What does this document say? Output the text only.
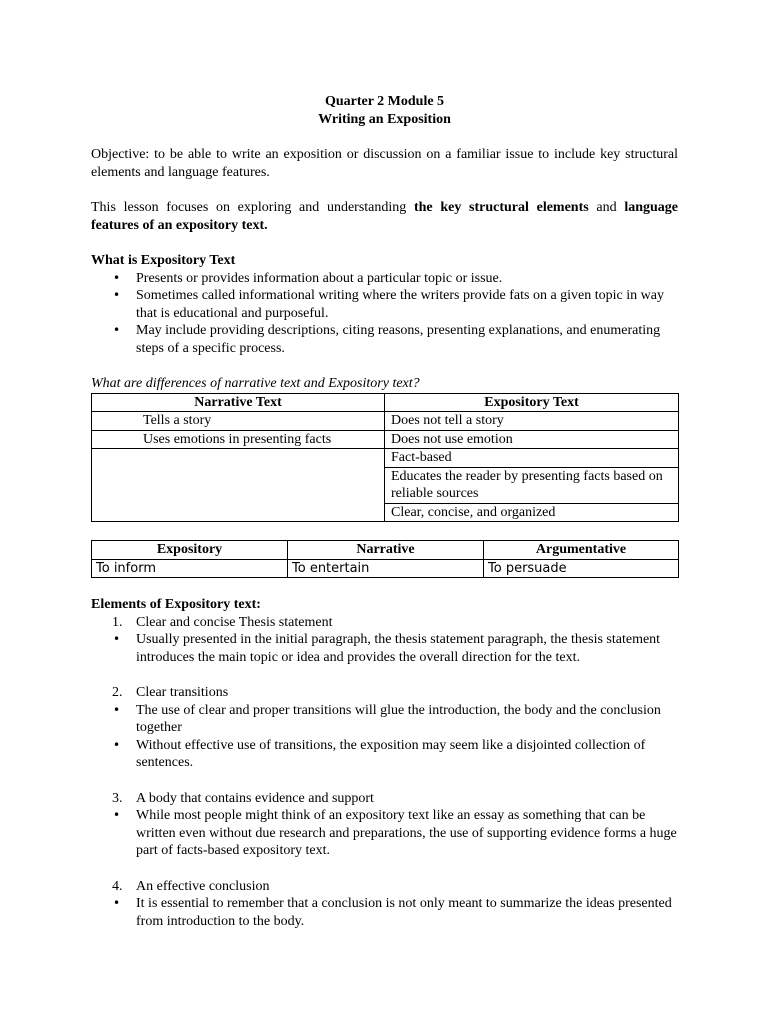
Quarter 2 Module 5

Writing an Exposition

Objective: to be able to write an exposition or discussion on a familiar issue to include key structural elements and language features.

This lesson focuses on exploring and understanding the key structural elements and language features of an expository text.

What is Expository Text
• Presents or provides information about a particular topic or issue.
• Sometimes called informational writing where the writers provide fats on a given topic in way that is educational and purposeful.
• May include providing descriptions, citing reasons, presenting explanations, and enumerating steps of a specific process.

What are differences of narrative text and Expository text?

Narrative Text	Expository Text
Tells a story	Does not tell a story
Uses emotions in presenting facts	Does not use emotion
	Fact-based
	Educates the reader by presenting facts based on reliable sources
	Clear, concise, and organized
Expository	Narrative	Argumentative
To inform	To entertain	To persuade
Elements of Expository text:
1. Clear and concise Thesis statement
• Usually presented in the initial paragraph, the thesis statement paragraph, the thesis statement introduces the main topic or idea and provides the overall direction for the text.
2. Clear transitions
• The use of clear and proper transitions will glue the introduction, the body and the conclusion together
• Without effective use of transitions, the exposition may seem like a disjointed collection of sentences.
3. A body that contains evidence and support
• While most people might think of an expository text like an essay as something that can be written even without due research and preparations, the use of supporting evidence forms a huge part of facts-based expository text.
4. An effective conclusion
• It is essential to remember that a conclusion is not only meant to summarize the ideas presented from introduction to the body.
